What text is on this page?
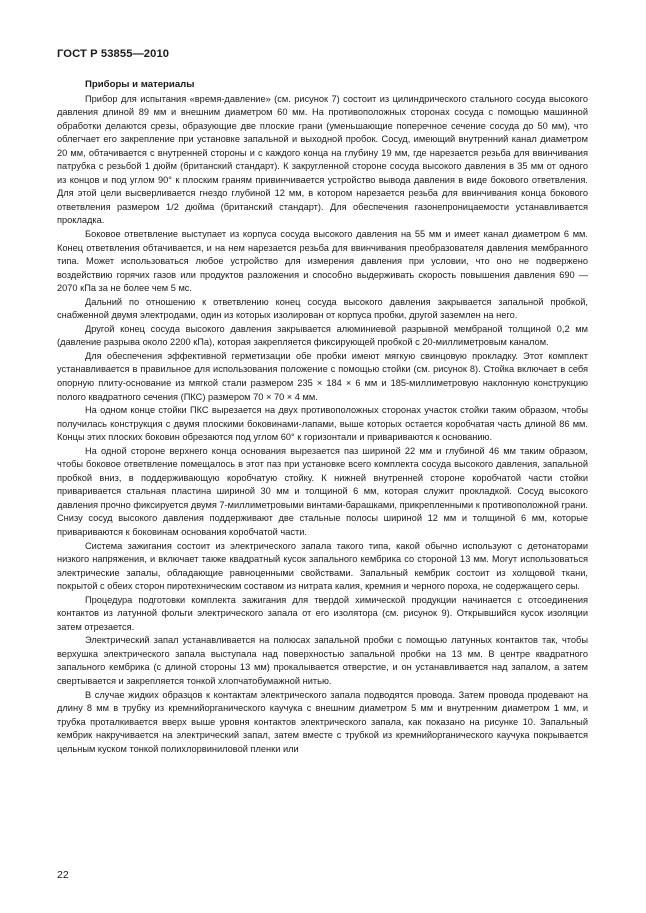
ГОСТ Р 53855—2010
Приборы и материалы

Прибор для испытания «время-давление» (см. рисунок 7) состоит из цилиндрического стального сосуда высокого давления длиной 89 мм и внешним диаметром 60 мм. На противоположных сторонах сосуда с помощью машинной обработки делаются срезы, образующие две плоские грани (уменьшающие поперечное сечение сосуда до 50 мм), что облегчает его закрепление при установке запальной и выходной пробок. Сосуд, имеющий внутренний канал диаметром 20 мм, обтачивается с внутренней стороны и с каждого конца на глубину 19 мм, где нарезается резьба для ввинчивания патрубка с резьбой 1 дюйм (британский стандарт). К закругленной стороне сосуда высокого давления в 35 мм от одного из концов и под углом 90° к плоским граням привинчивается устройство вывода давления в виде бокового ответвления. Для этой цели высверливается гнездо глубиной 12 мм, в котором нарезается резьба для ввинчивания конца бокового ответвления размером 1/2 дюйма (британский стандарт). Для обеспечения газонепроницаемости устанавливается прокладка.

Боковое ответвление выступает из корпуса сосуда высокого давления на 55 мм и имеет канал диаметром 6 мм. Конец ответвления обтачивается, и на нем нарезается резьба для ввинчивания преобразователя давления мембранного типа. Может использоваться любое устройство для измерения давления при условии, что оно не подвержено воздействию горячих газов или продуктов разложения и способно выдерживать скорость повышения давления 690 — 2070 кПа за не более чем 5 мс.

Дальний по отношению к ответвлению конец сосуда высокого давления закрывается запальной пробкой, снабженной двумя электродами, один из которых изолирован от корпуса пробки, другой заземлен на него.

Другой конец сосуда высокого давления закрывается алюминиевой разрывной мембраной толщиной 0,2 мм (давление разрыва около 2200 кПа), которая закрепляется фиксирующей пробкой с 20-миллиметровым каналом.

Для обеспечения эффективной герметизации обе пробки имеют мягкую свинцовую прокладку. Этот комплект устанавливается в правильное для использования положение с помощью стойки (см. рисунок 8). Стойка включает в себя опорную плиту-основание из мягкой стали размером 235 × 184 × 6 мм и 185-миллиметровую наклонную конструкцию полого квадратного сечения (ПКС) размером 70 × 70 × 4 мм.

На одном конце стойки ПКС вырезается на двух противоположных сторонах участок стойки таким образом, чтобы получилась конструкция с двумя плоскими боковинами-лапами, выше которых остается коробчатая часть длиной 86 мм. Концы этих плоских боковин обрезаются под углом 60° к горизонтали и привариваются к основанию.

На одной стороне верхнего конца основания вырезается паз шириной 22 мм и глубиной 46 мм таким образом, чтобы боковое ответвление помещалось в этот паз при установке всего комплекта сосуда высокого давления, запальной пробкой вниз, в поддерживающую коробчатую стойку. К нижней внутренней стороне коробчатой части стойки приваривается стальная пластина шириной 30 мм и толщиной 6 мм, которая служит прокладкой. Сосуд высокого давления прочно фиксируется двумя 7-миллиметровыми винтами-барашками, прикрепленными к противоположной грани. Снизу сосуд высокого давления поддерживают две стальные полосы шириной 12 мм и толщиной 6 мм, которые привариваются к боковинам основания коробчатой части.

Система зажигания состоит из электрического запала такого типа, какой обычно используют с детонаторами низкого напряжения, и включает также квадратный кусок запального кембрика со стороной 13 мм. Могут использоваться электрические запалы, обладающие равноценными свойствами. Запальный кембрик состоит из холщовой ткани, покрытой с обеих сторон пиротехническим составом из нитрата калия, кремния и черного пороха, не содержащего серы.

Процедура подготовки комплекта зажигания для твердой химической продукции начинается с отсоединения контактов из латунной фольги электрического запала от его изолятора (см. рисунок 9). Открывшийся кусок изоляции затем отрезается.

Электрический запал устанавливается на полюсах запальной пробки с помощью латунных контактов так, чтобы верхушка электрического запала выступала над поверхностью запальной пробки на 13 мм. В центре квадратного запального кембрика (с длиной стороны 13 мм) прокалывается отверстие, и он устанавливается над запалом, а затем свертывается и закрепляется тонкой хлопчатобумажной нитью.

В случае жидких образцов к контактам электрического запала подводятся провода. Затем провода продевают на длину 8 мм в трубку из кремнийорганического каучука с внешним диаметром 5 мм и внутренним диаметром 1 мм, и трубка проталкивается вверх выше уровня контактов электрического запала, как показано на рисунке 10. Запальный кембрик накручивается на электрический запал, затем вместе с трубкой из кремнийорганического каучука покрывается цельным куском тонкой полихлорвиниловой пленки или

22
